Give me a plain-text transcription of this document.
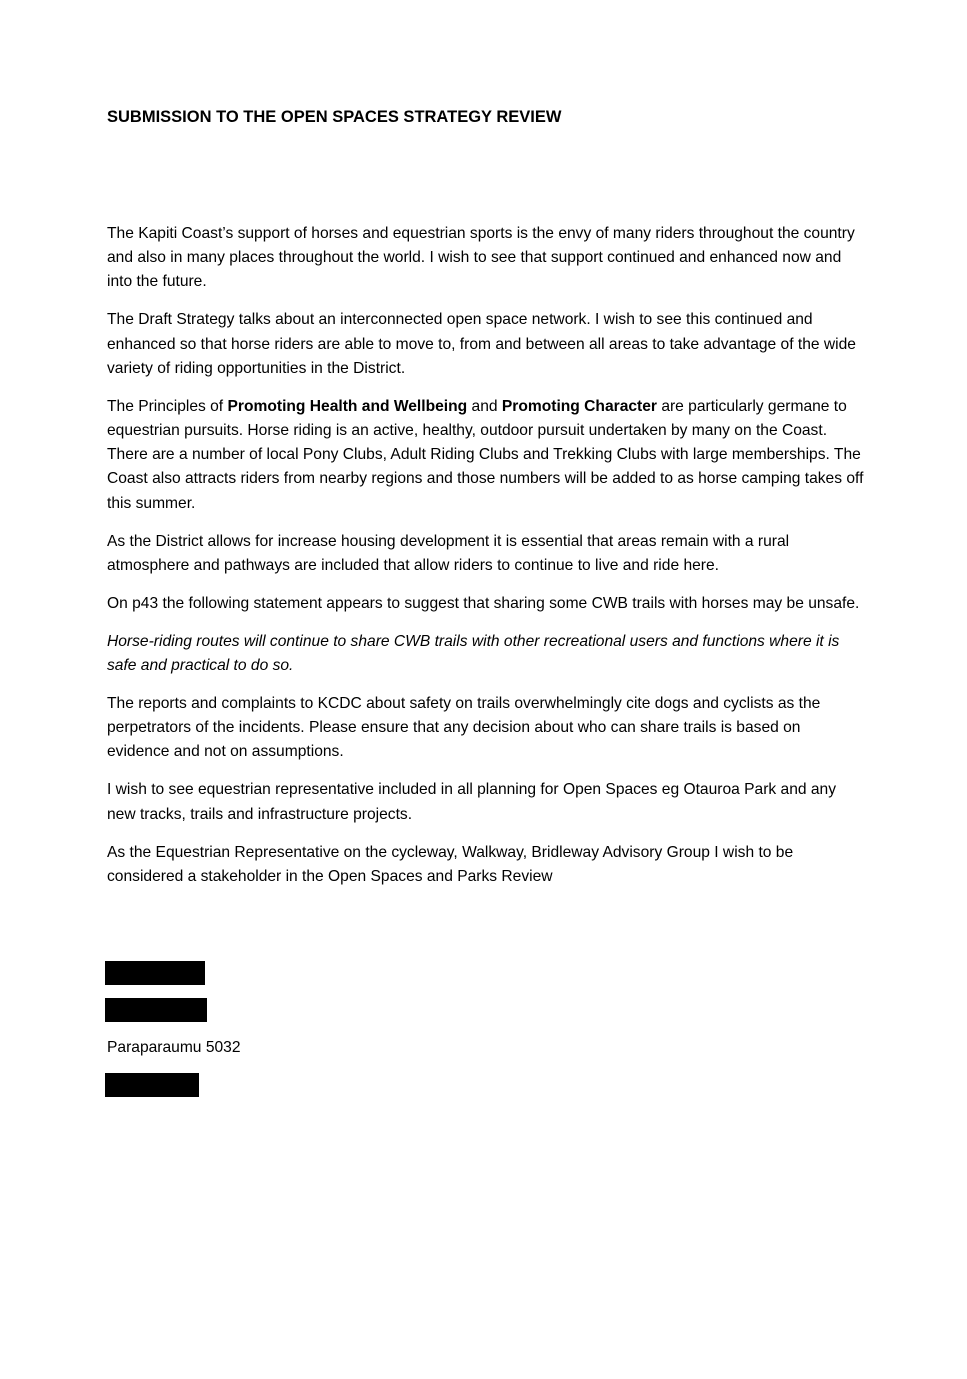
SUBMISSION TO THE OPEN SPACES STRATEGY REVIEW

The Kapiti Coast’s support of horses and equestrian sports is the envy of many riders throughout the country and also in many places throughout the world. I wish to see that support continued and enhanced now and into the future.

The Draft Strategy talks about an interconnected open space network. I wish to see this continued and enhanced so that horse riders are able to move to, from and between all areas to take advantage of the wide variety of riding opportunities in the District.

The Principles of Promoting Health and Wellbeing and Promoting Character are particularly germane to equestrian pursuits. Horse riding is an active, healthy, outdoor pursuit undertaken by many on the Coast. There are a number of local Pony Clubs, Adult Riding Clubs and Trekking Clubs with large memberships. The Coast also attracts riders from nearby regions and those numbers will be added to as horse camping takes off this summer.

As the District allows for increase housing development it is essential that areas remain with a rural atmosphere and pathways are included that allow riders to continue to live and ride here.

On p43 the following statement appears to suggest that sharing some CWB trails with horses may be unsafe.

Horse-riding routes will continue to share CWB trails with other recreational users and functions where it is safe and practical to do so.

The reports and complaints to KCDC about safety on trails overwhelmingly cite dogs and cyclists as the perpetrators of the incidents. Please ensure that any decision about who can share trails is based on evidence and not on assumptions.

I wish to see equestrian representative included in all planning for Open Spaces eg Otauroa Park and any new tracks, trails and infrastructure projects.

As the Equestrian Representative on the cycleway, Walkway, Bridleway Advisory Group I wish to be considered a stakeholder in the Open Spaces and Parks Review

Paraparaumu 5032
